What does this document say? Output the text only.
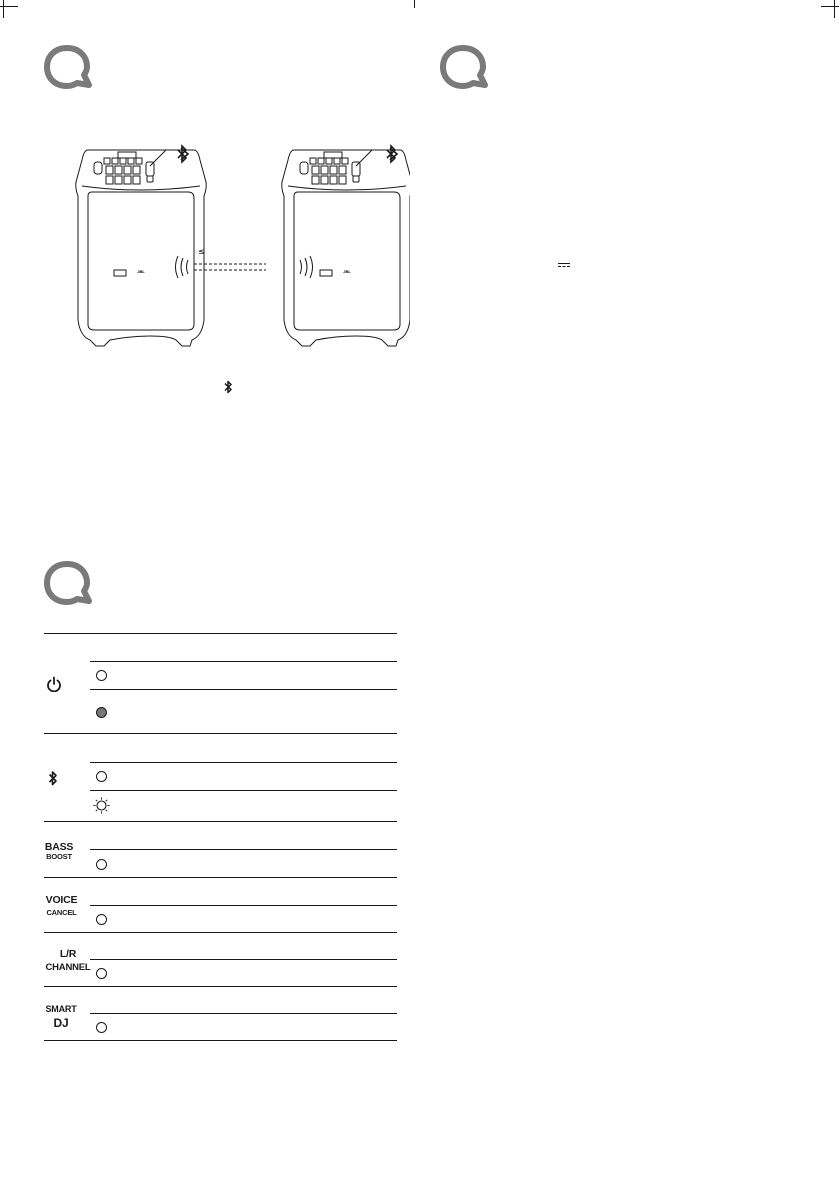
JBL	JBL
≤
BASS
BOOST
VOICE
CANCEL
L/R
CHANNEL
SMART
DJ
